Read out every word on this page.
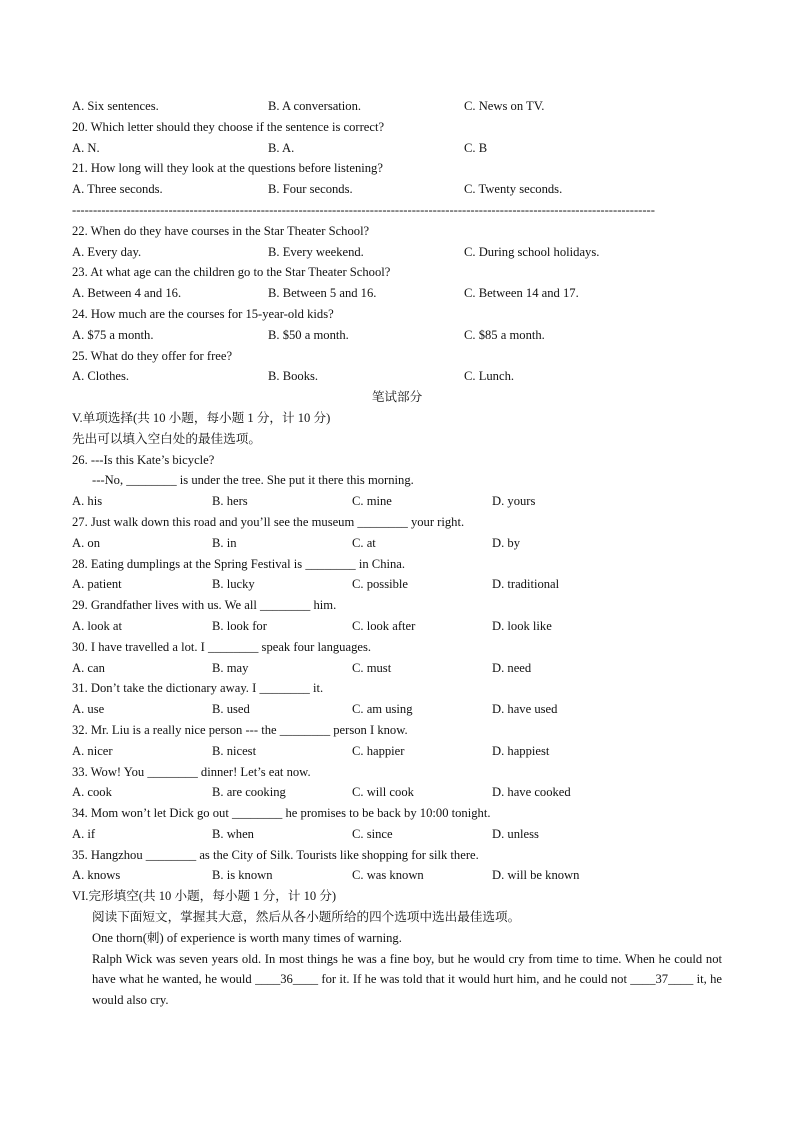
A. Six sentences.	B. A conversation.	C. News on TV.
20. Which letter should they choose if the sentence is correct?
A. N.	B. A.	C. B
21. How long will they look at the questions before listening?
A. Three seconds.	B. Four seconds.	C. Twenty seconds.
-------------------------------------------------------------------------------------------------------------------------------------------
22. When do they have courses in the Star Theater School?
A. Every day.	B. Every weekend.	C. During school holidays.
23. At what age can the children go to the Star Theater School?
A. Between 4 and 16.	B. Between 5 and 16.	C. Between 14 and 17.
24. How much are the courses for 15-year-old kids?
A. $75 a month.	B. $50 a month.	C. $85 a month.
25. What do they offer for free?
A. Clothes.	B. Books.	C. Lunch.
笔试部分
V.单项选择(共 10 小题，每小题 1 分，计 10 分)
先出可以填入空白处的最佳选项。
26. ---Is this Kate’s bicycle?
---No, ________ is under the tree. She put it there this morning.
A. his	B. hers	C. mine	D. yours
27. Just walk down this road and you’ll see the museum ________ your right.
A. on	B. in	C. at	D. by
28. Eating dumplings at the Spring Festival is ________ in China.
A. patient	B. lucky	C. possible	D. traditional
29. Grandfather lives with us. We all ________ him.
A. look at	B. look for	C. look after	D. look like
30. I have travelled a lot. I ________ speak four languages.
A. can	B. may	C. must	D. need
31. Don’t take the dictionary away. I ________ it.
A. use	B. used	C. am using	D. have used
32. Mr. Liu is a really nice person --- the ________ person I know.
A. nicer	B. nicest	C. happier	D. happiest
33. Wow! You ________ dinner! Let’s eat now.
A. cook	B. are cooking	C. will cook	D. have cooked
34. Mom won’t let Dick go out ________ he promises to be back by 10:00 tonight.
A. if	B. when	C. since	D. unless
35. Hangzhou ________ as the City of Silk. Tourists like shopping for silk there.
A. knows	B. is known	C. was known	D. will be known
VI.完形填空(共 10 小题，每小题 1 分，计 10 分)
阅读下面短文，掌握其大意，然后从各小题所给的四个选项中选出最佳选项。
One thorn(刺) of experience is worth many times of warning.
Ralph Wick was seven years old. In most things he was a fine boy, but he would cry from time to time. When he could not have what he wanted, he would ____36____ for it. If he was told that it would hurt him, and he could not ____37____ it, he would also cry.
